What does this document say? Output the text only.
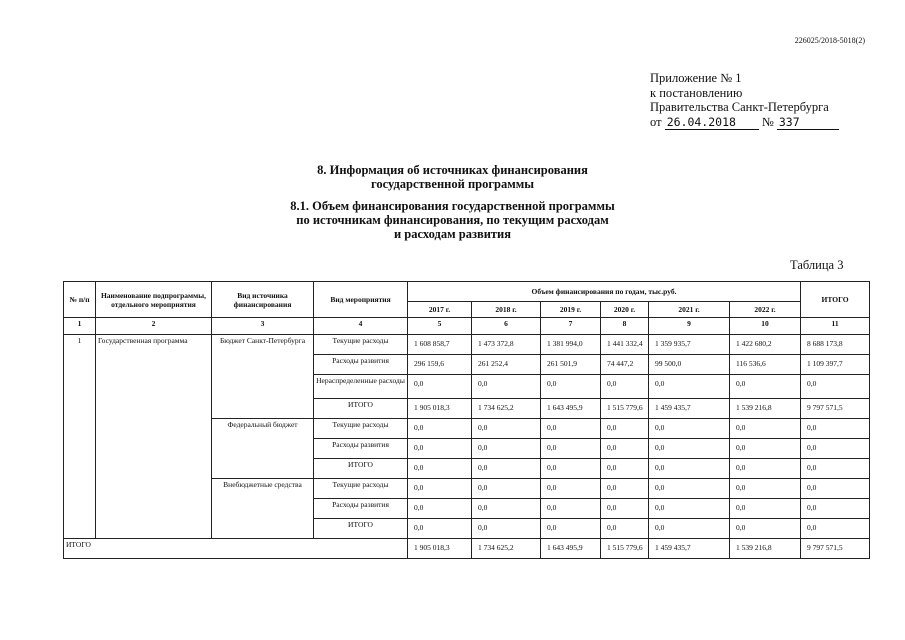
226025/2018-5018(2)
Приложение № 1
к постановлению
Правительства Санкт-Петербурга
от 26.04.2018 № 337
8. Информация об источниках финансирования
государственной программы
8.1. Объем финансирования государственной программы
по источникам финансирования, по текущим расходам
и расходам развития
Таблица 3
№ п/п	Наименование подпрограммы, отдельного мероприятия	Вид источника финансирования	Вид мероприятия	Объем финансирования по годам, тыс.руб.						ИТОГО
				2017 г.	2018 г.	2019 г.	2020 г.	2021 г.	2022 г.	
1	2	3	4	5	6	7	8	9	10	11
1	Государственная программа	Бюджет Санкт-Петербурга	Текущие расходы	1 608 858,7	1 473 372,8	1 381 994,0	1 441 332,4	1 359 935,7	1 422 680,2	8 688 173,8
			Расходы развития	296 159,6	261 252,4	261 501,9	74 447,2	99 500,0	116 536,6	1 109 397,7
			Нераспределенные расходы	0,0	0,0	0,0	0,0	0,0	0,0	0,0
			ИТОГО	1 905 018,3	1 734 625,2	1 643 495,9	1 515 779,6	1 459 435,7	1 539 216,8	9 797 571,5
		Федеральный бюджет	Текущие расходы	0,0	0,0	0,0	0,0	0,0	0,0	0,0
			Расходы развития	0,0	0,0	0,0	0,0	0,0	0,0	0,0
			ИТОГО	0,0	0,0	0,0	0,0	0,0	0,0	0,0
		Внебюджетные средства	Текущие расходы	0,0	0,0	0,0	0,0	0,0	0,0	0,0
			Расходы развития	0,0	0,0	0,0	0,0	0,0	0,0	0,0
			ИТОГО	0,0	0,0	0,0	0,0	0,0	0,0	0,0
ИТОГО				1 905 018,3	1 734 625,2	1 643 495,9	1 515 779,6	1 459 435,7	1 539 216,8	9 797 571,5
